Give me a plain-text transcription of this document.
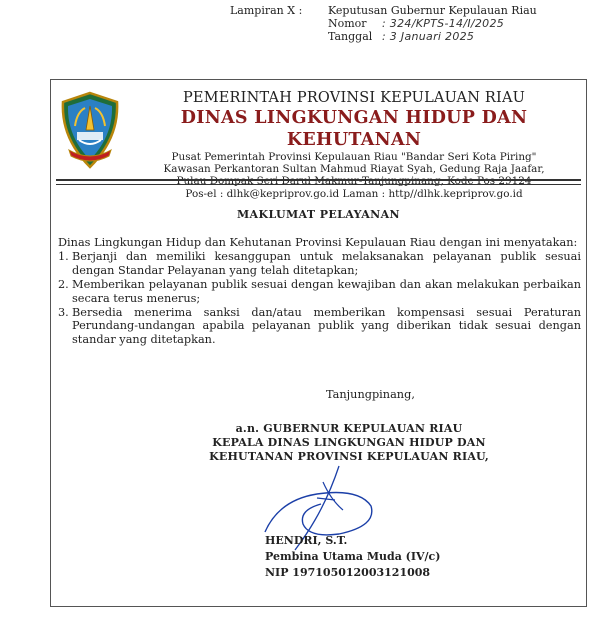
Lampiran X : Keputusan Gubernur Kepulauan Riau
Nomor : 324/KPTS-14/I/2025
Tanggal : 3 Januari 2025
PEMERINTAH PROVINSI KEPULAUAN RIAU
DINAS LINGKUNGAN HIDUP DAN KEHUTANAN
Pusat Pemerintah Provinsi Kepulauan Riau "Bandar Seri Kota Piring"
Kawasan Perkantoran Sultan Mahmud Riayat Syah, Gedung Raja Jaafar,
Pulau Dompak Seri Darul Makmur-Tanjungpinang, Kode Pos 29124
Pos-el : dlhk@kepriprov.go.id Laman : http//dlhk.kepriprov.go.id
MAKLUMAT PELAYANAN

Dinas Lingkungan Hidup dan Kehutanan Provinsi Kepulauan Riau dengan ini menyatakan:

1. Berjanji dan memiliki kesanggupan untuk melaksanakan pelayanan publik sesuai dengan Standar Pelayanan yang telah ditetapkan;
2. Memberikan pelayanan publik sesuai dengan kewajiban dan akan melakukan perbaikan secara terus menerus;
3. Bersedia menerima sanksi dan/atau memberikan kompensasi sesuai Peraturan Perundang-undangan apabila pelayanan publik yang diberikan tidak sesuai dengan standar yang ditetapkan.
Tanjungpinang,
a.n. GUBERNUR KEPULAUAN RIAU
KEPALA DINAS LINGKUNGAN HIDUP DAN
KEHUTANAN PROVINSI KEPULAUAN RIAU,
HENDRI, S.T.
Pembina Utama Muda (IV/c)
NIP 197105012003121008
